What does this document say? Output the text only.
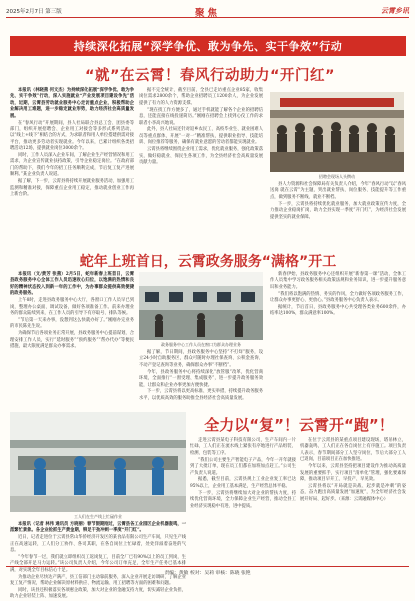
2025年2月7日 第三版	聚焦	云霄乡讯
持续深化拓展“深学争优、敢为争先、实干争效”行动
“就”在云霄！春风行动助力“开门红”

本报讯（林晓燕 何文杰）为持续深化拓展“深学争优、敢为争先、实干争效”行动，深入实施就业“产业发展项目建设争先”活动，近期，云霄县劳动就业服务中心走访重点企业，积极帮助企业解决用工难题，进一步稳定就业形势，助力经济社会高质量发展。

在“春风行动”开展期间，县人社局联合县总工会、团县委等部门，组织开展招聘会、企业用工对接会等多形式系列活动，以“线上+线下”相结合的方式，为求职者和用人单位搭建供需对接平台，推动更多劳动者实现就业。今年以来，已累计组织各类招聘活动12场，提供就业岗位3000余个。

同时，工作人员深入企业车间，了解企业生产经营情况和用工需求，为企业宣传就业扶持政策，引导企业稳定岗位。“在政府部门的帮助下，我们今年的招工任务顺利完成，节后复工复产进展顺利。”某企业负责人说道。

据了解，下一步，云霄县将持续开展就业服务活动，加强用工监测和精准对接，保障重点企业用工稳定，推动就业创业工作再上新台阶。

据不完全统计，截至目前，全县已走访重点企业85家，收集岗位需求2800余个，帮助企业招聘员工1200余人，为企业发展提供了有力的人力资源支撑。

“现在找工作方便多了，通过手机就能了解各个企业的招聘信息，还能直接在线投递简历。”刚刚在招聘会上找到心仪工作的求职者小李高兴地说。

此外，县人社局还针对返乡农民工、高校毕业生、就业困难人员等重点群体，开展“一对一”精准帮扶，提供职业指导、技能培训、岗位推荐等服务，确保有就业意愿的劳动者都能实现就业。

云霄县将继续围绕企业用工需求，优化就业服务，强化政策落实，做好稳就业、保民生各项工作，为全县经济社会高质量发展贡献力量。

招聘会现场人头攒动

县人力资源和社会保障局有关负责人介绍，今年“春风行动”以“春风送岗 就在云霄”为主题，突出就业帮扶、岗位服务、技能提升等工作重点，做到服务不断线、就业不断档。

下一步，云霄县将持续优化就业服务，加大就业政策宣传力度，全力推动企业稳岗扩岗，助力全县实现一季度“开门红”，为经济社会发展提供坚实的就业保障。

蛇年上班首日，云霄政务服务“满格”开工

本报讯（文/黄芳 张燕）2月5日，蛇年新春上班首日，云霄县政务服务中心全体工作人员迅速收心归位，以饱满的热情和良好的精神状态投入到新一年的工作中，为办事群众提供高效便捷的政务服务。

上午8时，走进县政务服务中心大厅，各窗口工作人员早已到岗，整理办公桌面、调试设备，做好各项准备工作。前来办理业务的群众陆续到来，在工作人员的引导下有序取号、排队等候。

“节后第一天来办事，没想到这么快就办好了。”刚刚办完业务的市民陈先生说。

为确保节后各项业务正常开展，县政务服务中心提前谋划，合理安排工作人员，实行“延时服务”“预约服务”“帮办代办”等便民措施，最大限度满足群众办事需求。	政务服务中心工作人员在窗口为群众办理业务

据了解，节日期间，县政务服务中心坚持“不打烊”服务，设立24小时自助服务区，群众可随时办理社保查询、公积金查询、不动产登记查询等业务，确保群众办事“不断档”。

今年，县政务服务中心将持续深化“放管服”改革，优化营商环境，全面推行“一窗受理、集成服务”，进一步提升政务服务效能，让群众和企业办事更加方便快捷。

下一步，云霄县将以更高标准、更实举措，持续提升政务服务水平，以优质高效的服务助推全县经济社会高质量发展。

新春伊始，县政务服务中心还组织开展“新春第一课”活动，全体工作人员集中学习政务服务相关政策法规和业务知识，进一步提升服务意识和业务能力。

“我们将以饱满的热情、务实的作风，全力做好各项政务服务工作，让群众办事更舒心、更放心。”县政务服务中心负责人表示。

据统计，节后首日，县政务服务中心共受理各类业务600余件，办结率达100%，群众满意率100%。

工人们在生产线上忙碌作业

本报讯（记者 林伟 通讯员 方晓丽）春节假期刚过，云霄县各工业园区企业机器轰鸣，一派繁忙景象。各企业抢抓生产黄金期，铆足干劲冲刺一季度“开门红”。

近日，记者走进位于云霄县常山华侨经济开发区的某食品有限公司生产车间，只见生产线正在高速运转，工人们分工协作、各司其职，在各自岗位上忙碌着，处处洋溢着奋进的气息。

“今年春节一过，我们就立即组织员工返岗复工，目前全厂已有90%以上的员工到岗，生产线全部开足马力运转。”该公司负责人介绍，今年公司订单充足，全年生产任务已基本排满，对实现全年目标信心十足。

为推动企业尽快达产满产，县工信部门主动靠前服务，深入企业开展走访调研，了解企业复工复产情况，帮助企业解决原材料供应、物流运输、用工招聘等方面的困难和问题。

同时，该县还积极落实各项惠企政策，加大对企业的金融支持力度，切实减轻企业负担，助力企业轻装上阵、加速发展。

全力以“复”！云霄开“跑”！

走进云霄县某电子科技有限公司，生产车间内一片忙碌，工人们正在流水线上紧张有序地进行产品组装、检测、包装等工序。

“我们公司主要生产智能电子产品，今年一开年就接到了大批订单，现在员工们都在加班加点赶工。”公司生产负责人说道。

据悉，截至目前，云霄县规上工业企业复工率已达95%以上，企业用工基本满足，生产经营总体平稳。

下一步，云霄县将继续加大对企业的帮扶力度，持续优化营商环境，全力保障企业生产经营，推动全县工业经济实现稳中有进、进中提质。

在位于云霄县的某重点项目建设现场，塔吊林立，机器轰鸣，工人们正在各自岗位上有序施工。项目负责人表示，春节期间部分工人坚守岗位，节后大部分工人已返岗，目前项目正在加快推进。

今年以来，云霄县坚持把项目建设作为推动高质量发展的重要抓手，实行项目“清单化”管理，强化要素保障，推动项目早开工、早投产、早见效。

云霄县将以“开局就是决战、起步就是冲刺”的姿态，奋力跑出高质量发展“加速度”，为全年经济社会发展开好局、起好步。（来源：云霄融媒体中心）

责编：黄敏 校对：吴莉 审核：陈晓 张艳
